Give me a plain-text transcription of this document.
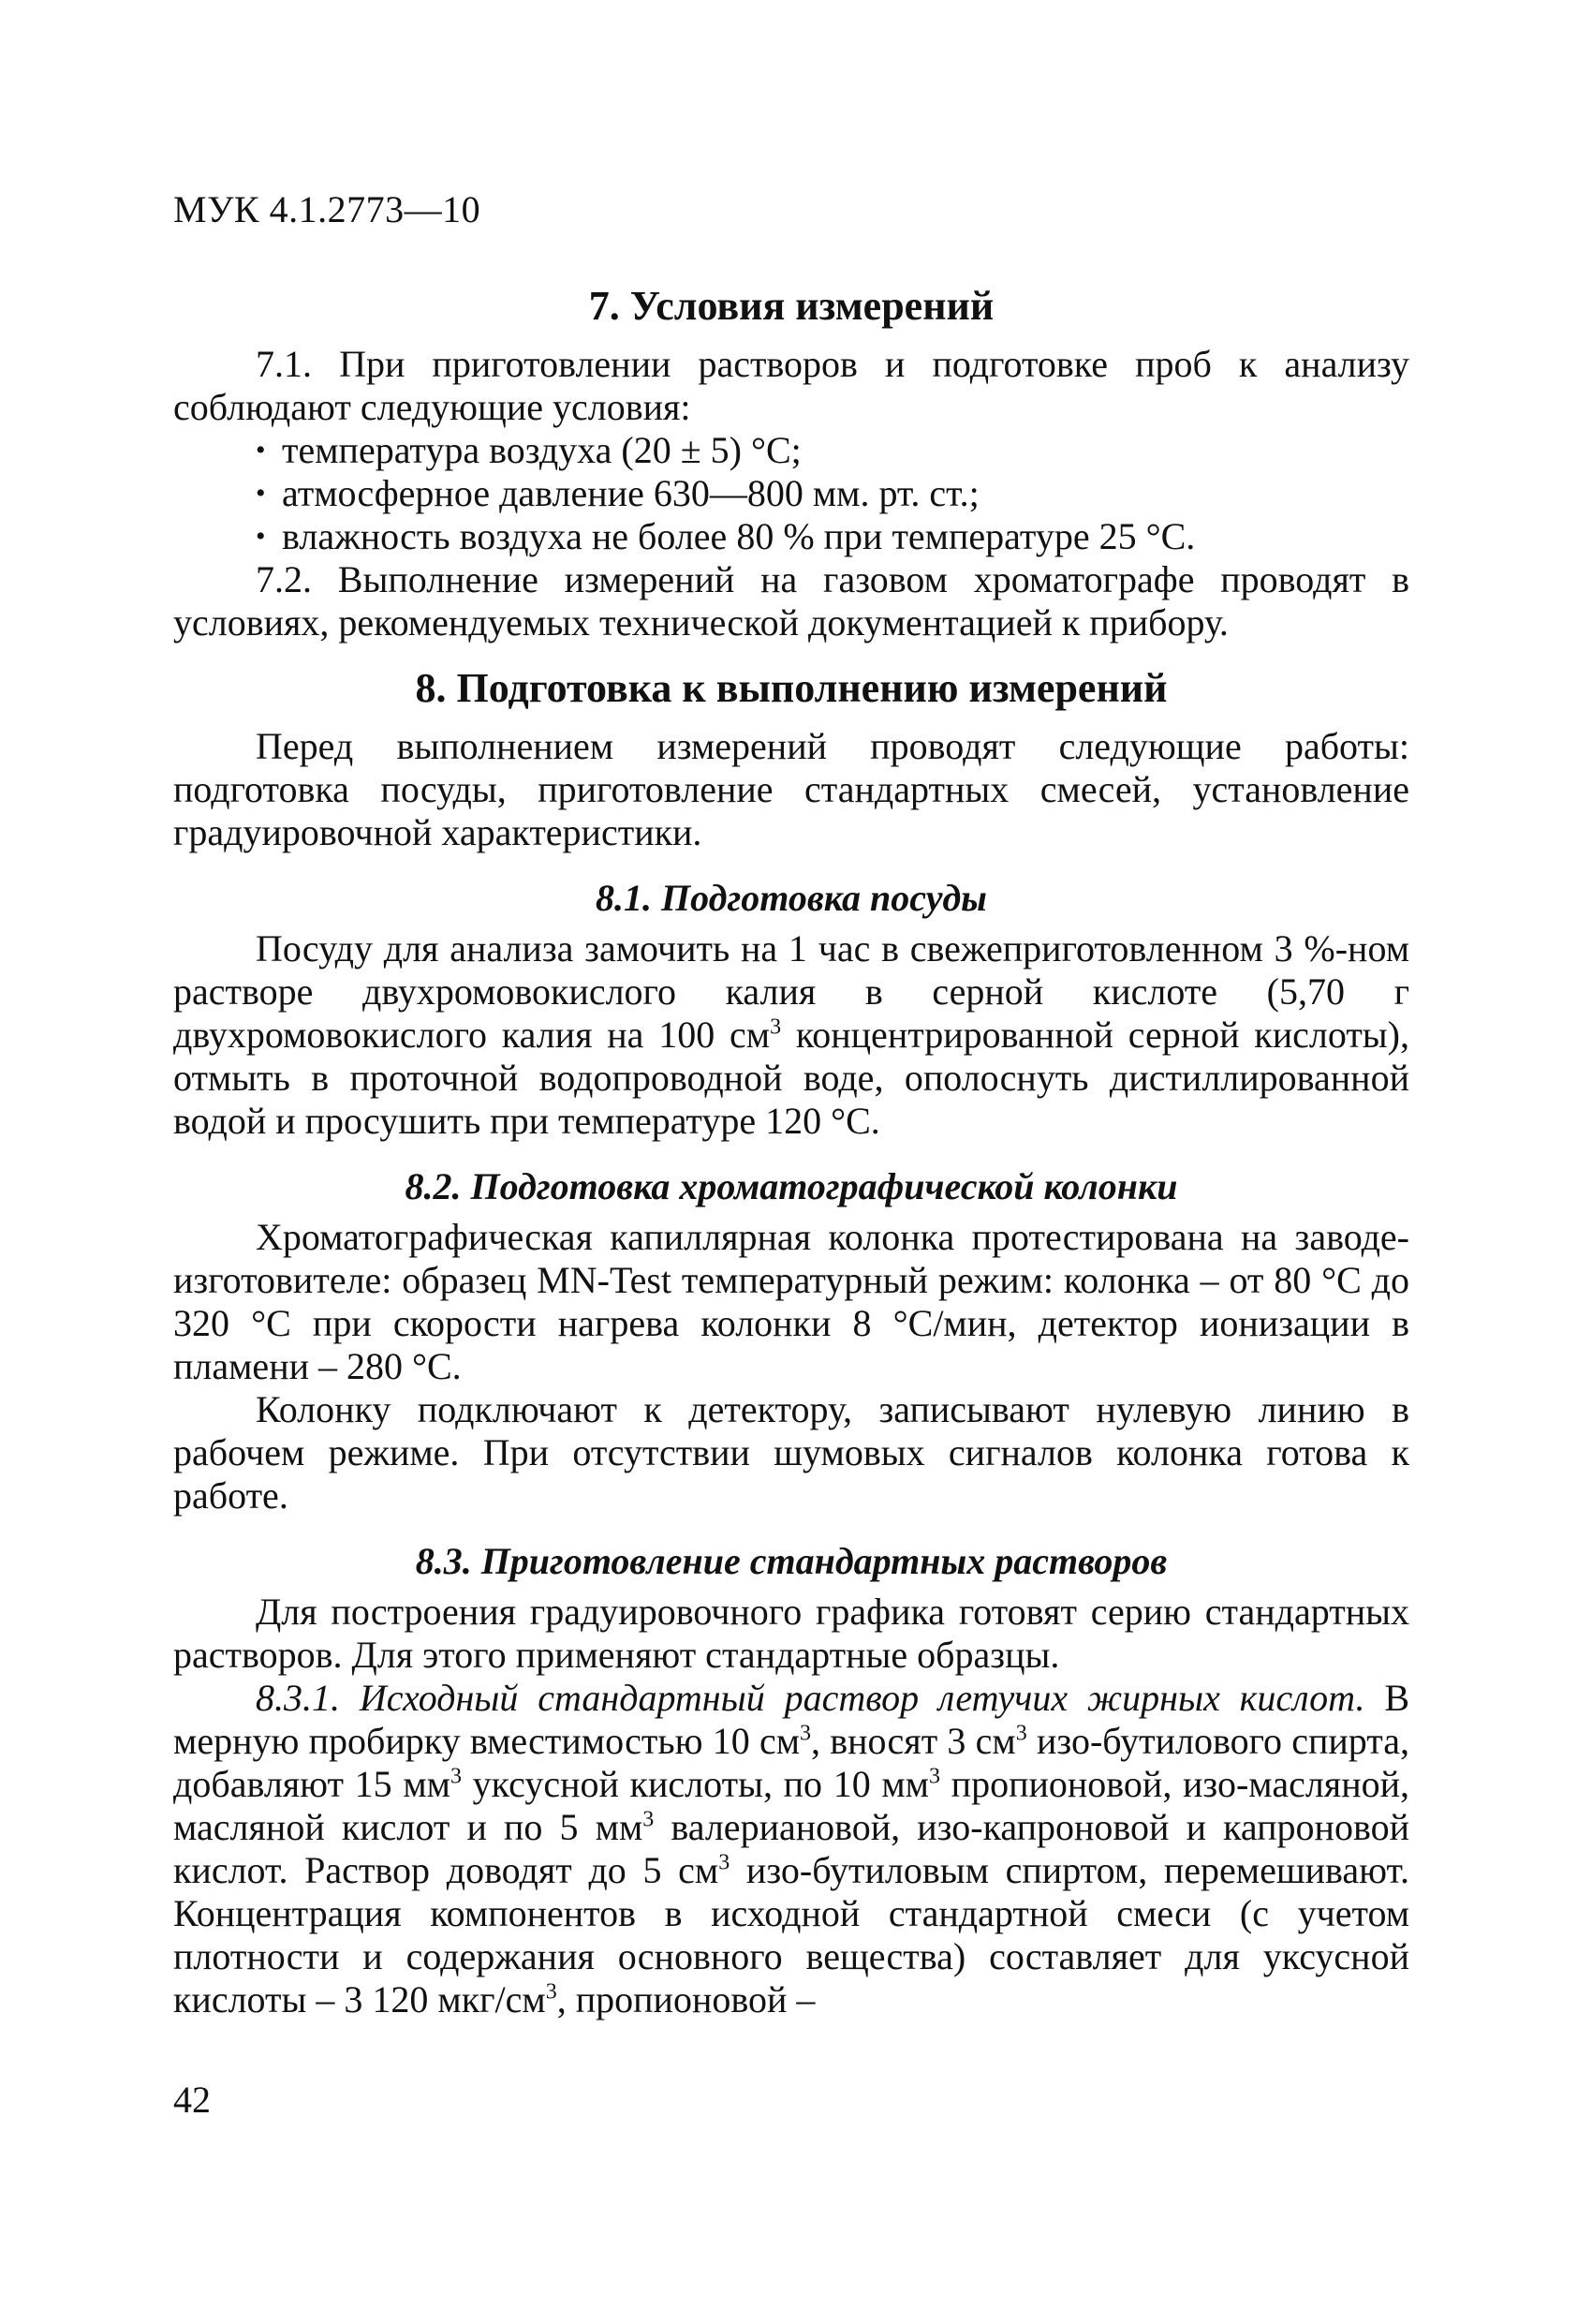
МУК 4.1.2773—10
7. Условия измерений

7.1. При приготовлении растворов и подготовке проб к анализу соблюдают следующие условия:

• температура воздуха (20 ± 5) °С;
• атмосферное давление 630—800 мм. рт. ст.;
• влажность воздуха не более 80 % при температуре 25 °С.

7.2. Выполнение измерений на газовом хроматографе проводят в условиях, рекомендуемых технической документацией к прибору.

8. Подготовка к выполнению измерений

Перед выполнением измерений проводят следующие работы: подготовка посуды, приготовление стандартных смесей, установление градуировочной характеристики.

8.1. Подготовка посуды

Посуду для анализа замочить на 1 час в свежеприготовленном 3 %-ном растворе двухромовокислого калия в серной кислоте (5,70 г двухромовокислого калия на 100 $см^3$ концентрированной серной кислоты), отмыть в проточной водопроводной воде, ополоснуть дистиллированной водой и просушить при температуре 120 °С.

8.2. Подготовка хроматографической колонки

Хроматографическая капиллярная колонка протестирована на заводе-изготовителе: образец MN-Test температурный режим: колонка – от 80 °С до 320 °С при скорости нагрева колонки 8 °С/мин, детектор ионизации в пламени – 280 °С.

Колонку подключают к детектору, записывают нулевую линию в рабочем режиме. При отсутствии шумовых сигналов колонка готова к работе.

8.3. Приготовление стандартных растворов

Для построения градуировочного графика готовят серию стандартных растворов. Для этого применяют стандартные образцы.

8.3.1. Исходный стандартный раствор летучих жирных кислот. В мерную пробирку вместимостью 10 $см^3$, вносят 3 $см^3$ изо-бутилового спирта, добавляют 15 $мм^3$ уксусной кислоты, по 10 $мм^3$ пропионовой, изо-масляной, масляной кислот и по 5 $мм^3$ валериановой, изо-капроновой и капроновой кислот. Раствор доводят до 5 $см^3$ изо-бутиловым спиртом, перемешивают. Концентрация компонентов в исходной стандартной смеси (с учетом плотности и содержания основного вещества) составляет для уксусной кислоты – 3 120 мкг/$см^3$, пропионовой –

42
